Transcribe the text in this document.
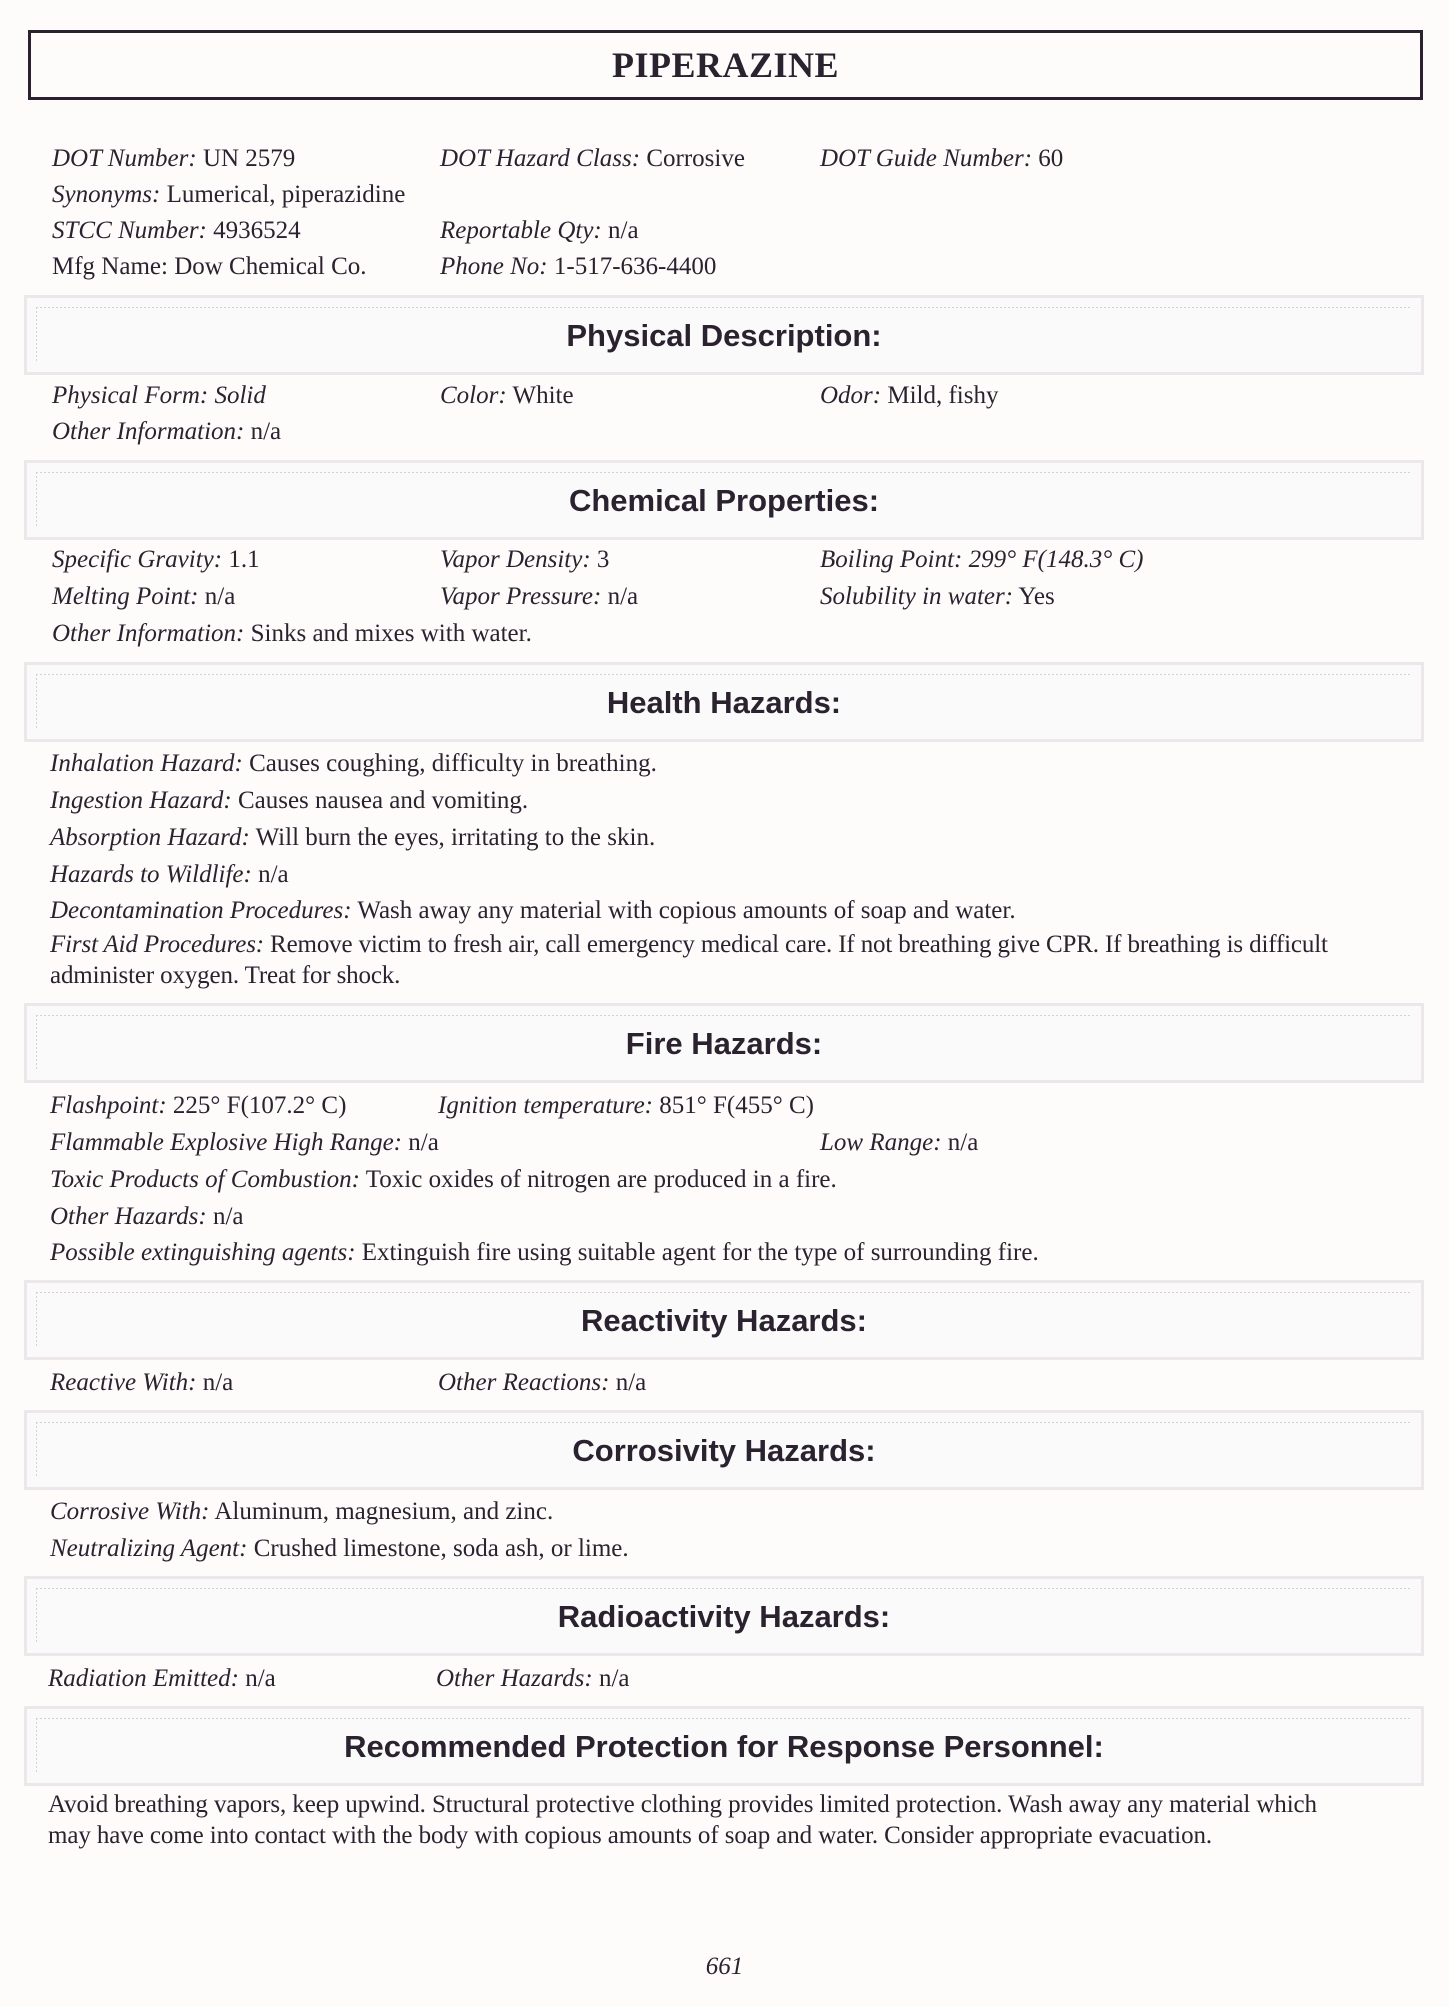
PIPERAZINE
DOT Number: UN 2579	DOT Hazard Class: Corrosive	DOT Guide Number: 60
Synonyms: Lumerical, piperazidine
STCC Number: 4936524	Reportable Qty: n/a
Mfg Name: Dow Chemical Co.	Phone No: 1-517-636-4400
Physical Description:
Physical Form: Solid	Color: White	Odor: Mild, fishy
Other Information: n/a
Chemical Properties:
Specific Gravity: 1.1	Vapor Density: 3	Boiling Point: 299° F(148.3° C)
Melting Point: n/a	Vapor Pressure: n/a	Solubility in water: Yes
Other Information: Sinks and mixes with water.
Health Hazards:
Inhalation Hazard: Causes coughing, difficulty in breathing.
Ingestion Hazard: Causes nausea and vomiting.
Absorption Hazard: Will burn the eyes, irritating to the skin.
Hazards to Wildlife: n/a
Decontamination Procedures: Wash away any material with copious amounts of soap and water.
First Aid Procedures: Remove victim to fresh air, call emergency medical care. If not breathing give CPR. If breathing is difficult administer oxygen. Treat for shock.
Fire Hazards:
Flashpoint: 225° F(107.2° C)	Ignition temperature: 851° F(455° C)
Flammable Explosive High Range: n/a	Low Range: n/a
Toxic Products of Combustion: Toxic oxides of nitrogen are produced in a fire.
Other Hazards: n/a
Possible extinguishing agents: Extinguish fire using suitable agent for the type of surrounding fire.
Reactivity Hazards:
Reactive With: n/a	Other Reactions: n/a
Corrosivity Hazards:
Corrosive With: Aluminum, magnesium, and zinc.
Neutralizing Agent: Crushed limestone, soda ash, or lime.
Radioactivity Hazards:
Radiation Emitted: n/a	Other Hazards: n/a
Recommended Protection for Response Personnel:
Avoid breathing vapors, keep upwind. Structural protective clothing provides limited protection. Wash away any material which may have come into contact with the body with copious amounts of soap and water. Consider appropriate evacuation.
661
